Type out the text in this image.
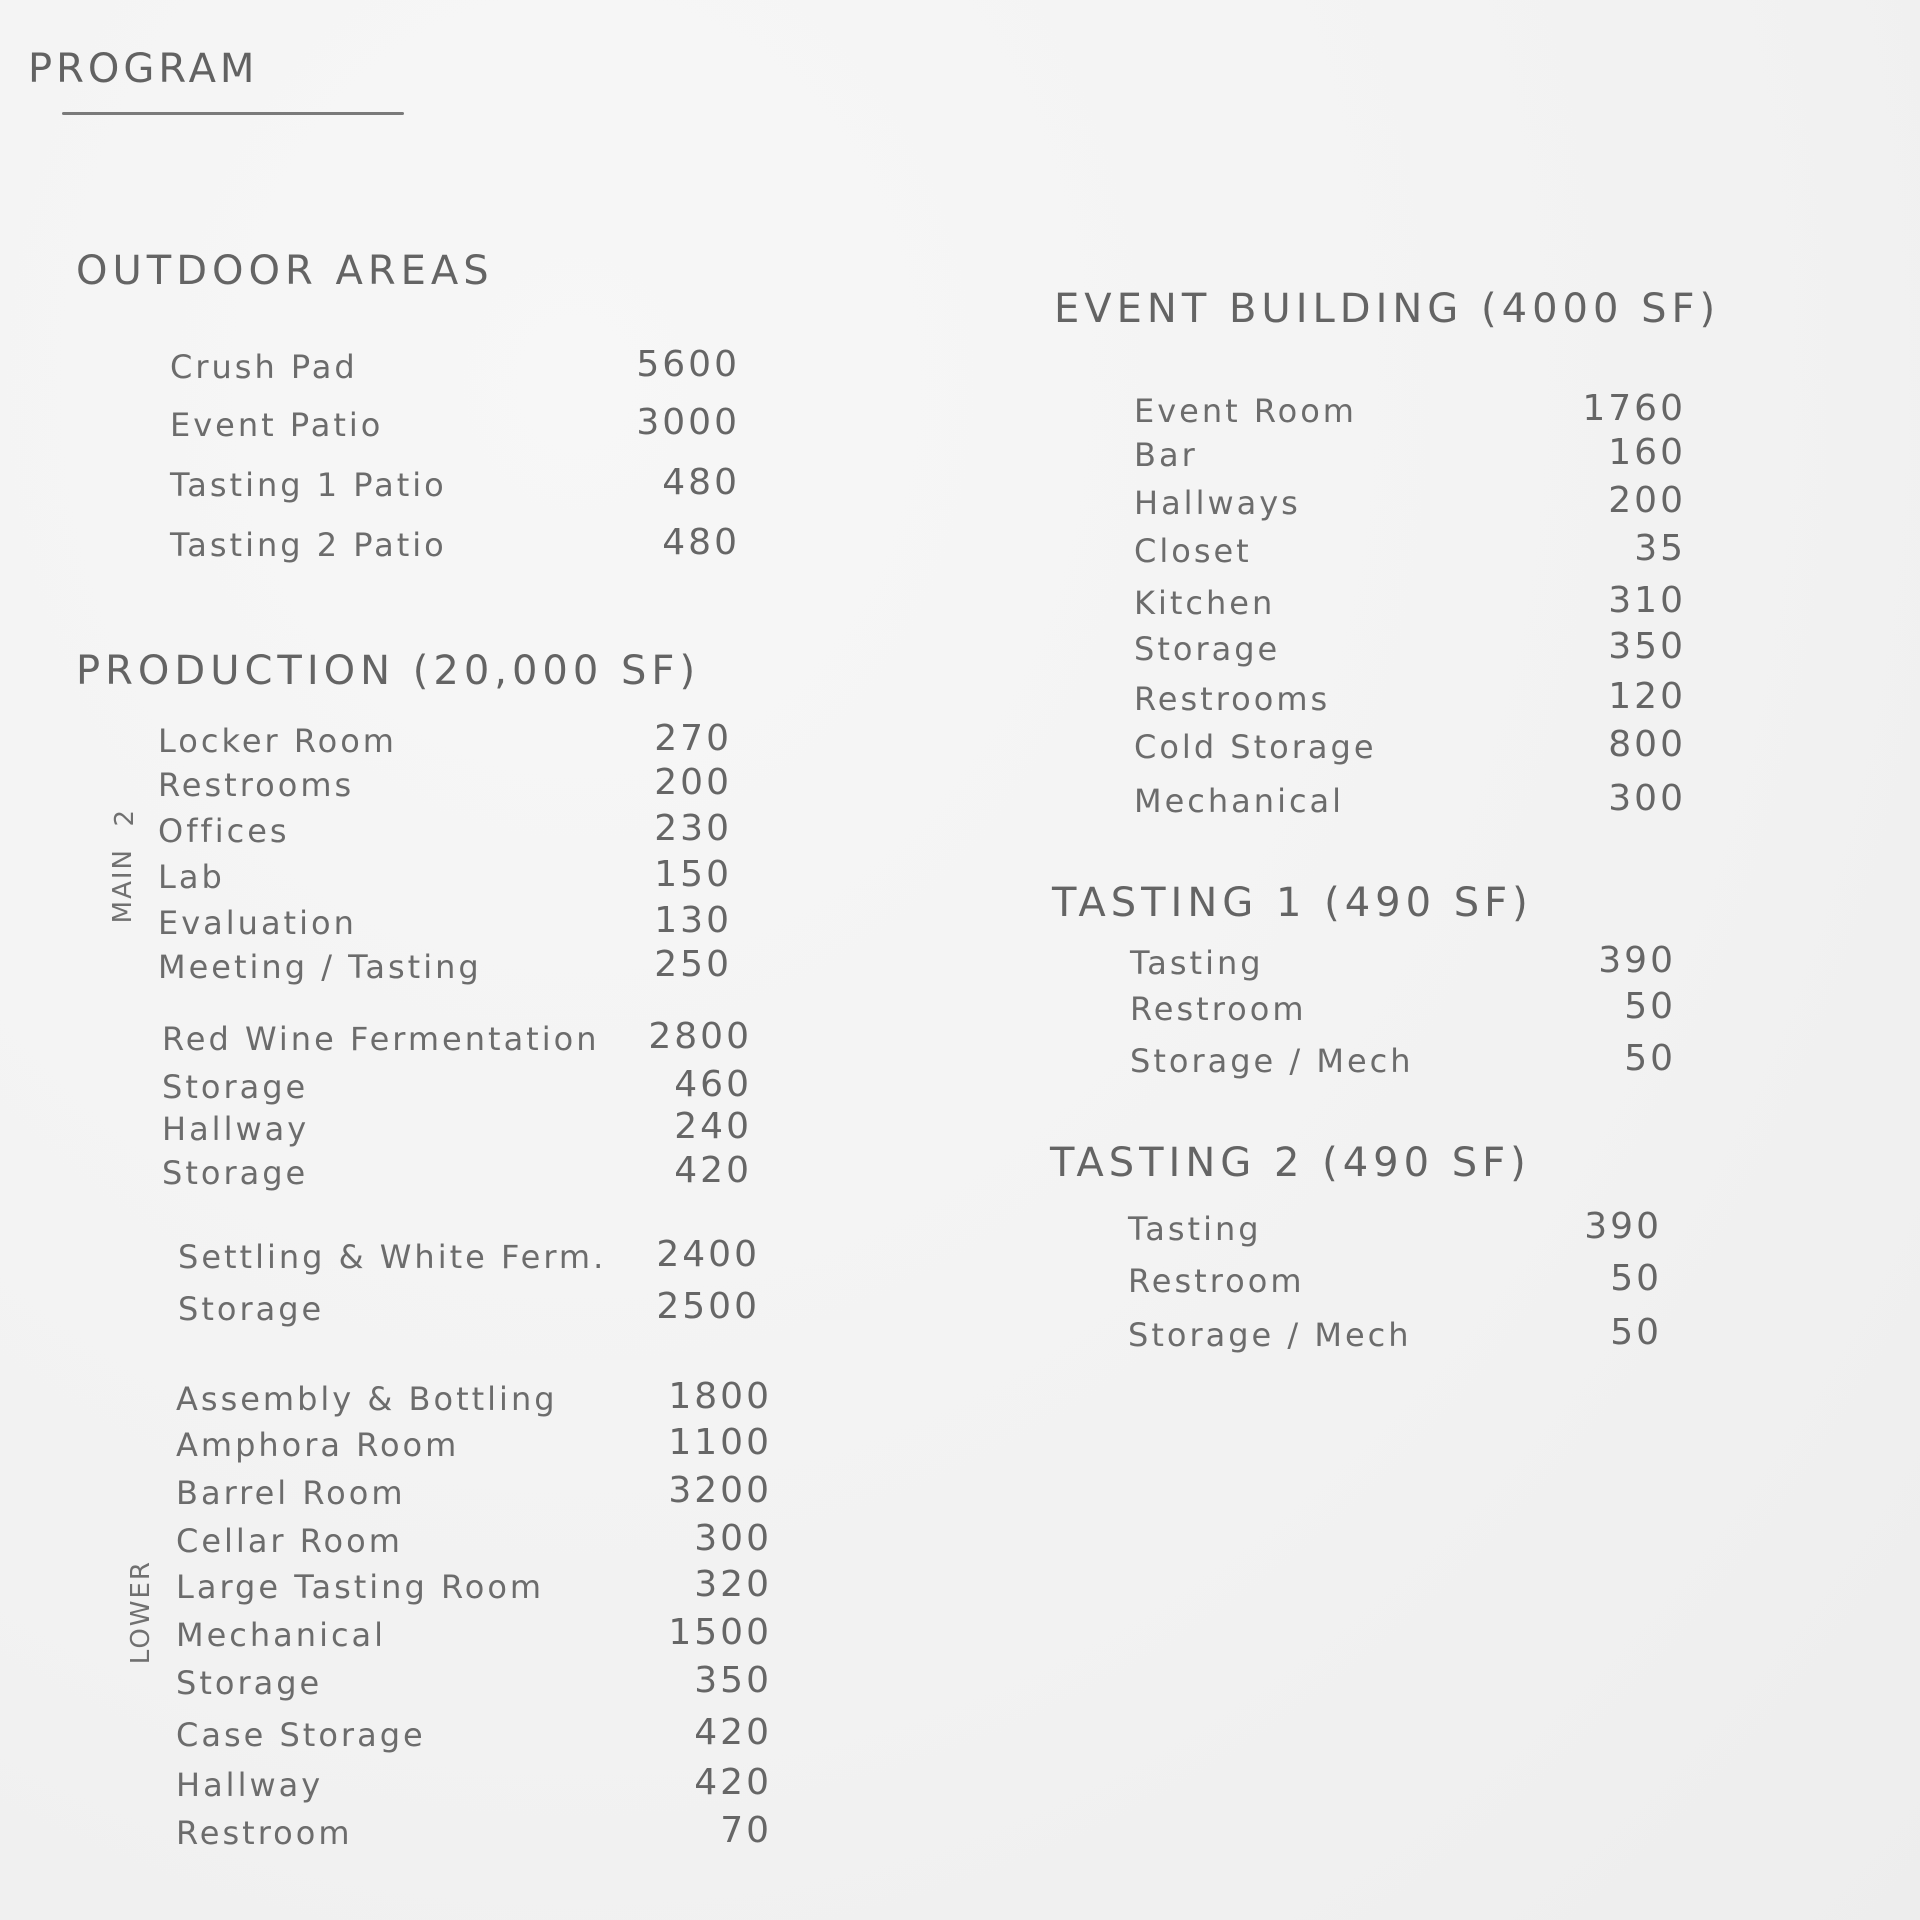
PROGRAM
OUTDOOR AREAS
Crush Pad	5600
Event Patio	3000
Tasting 1 Patio	480
Tasting 2 Patio	480
PRODUCTION (20,000 SF)
2
MAIN
LOWER
Locker Room	270
Restrooms	200
Offices	230
Lab	150
Evaluation	130
Meeting / Tasting	250
Red Wine Fermentation 2800
Storage	460
Hallway	240
Storage	420
Settling & White Ferm. 2400
Storage	2500
Assembly & Bottling	1800
Amphora Room	1100
Barrel Room	3200
Cellar Room	300
Large Tasting Room	320
Mechanical	1500
Storage	350
Case Storage	420
Hallway	420
Restroom	70
EVENT BUILDING (4000 SF)
Event Room	1760
Bar	160
Hallways	200
Closet	35
Kitchen	310
Storage	350
Restrooms	120
Cold Storage	800
Mechanical	300
TASTING 1 (490 SF)
Tasting	390
Restroom	50
Storage / Mech	50
TASTING 2 (490 SF)
Tasting	390
Restroom	50
Storage / Mech	50
